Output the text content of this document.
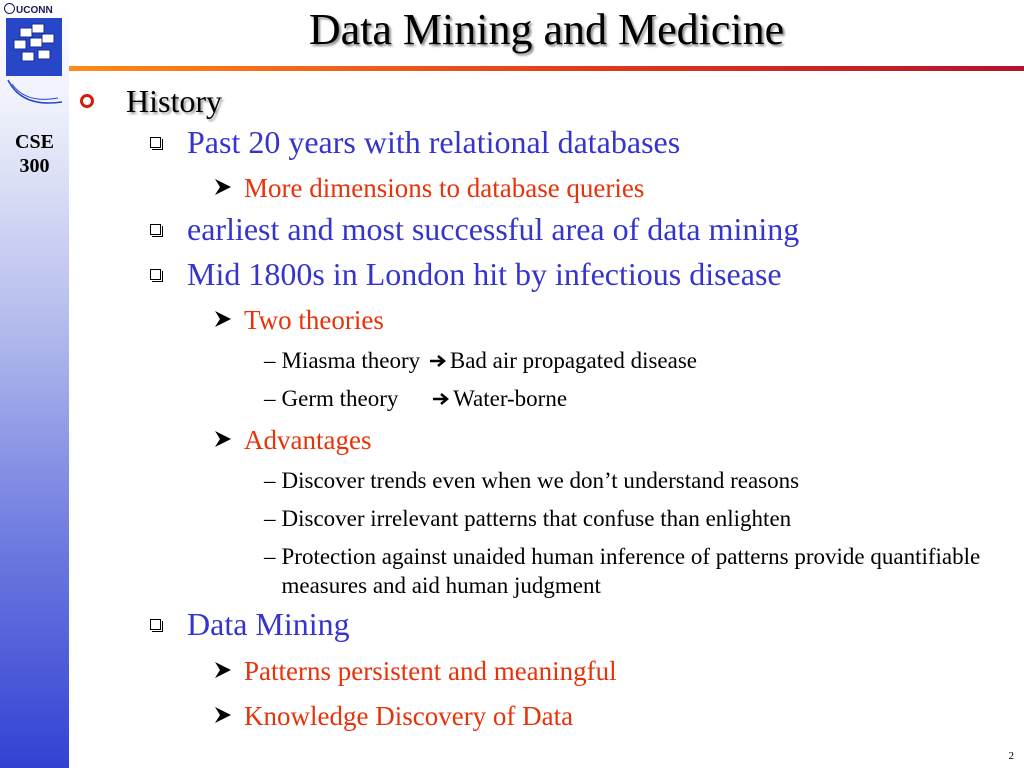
UCONN
CSE
300
Data Mining and Medicine
History
Past 20 years with relational databases
More dimensions to database queries
earliest and most successful area of data mining
Mid 1800s in London hit by infectious disease
Two theories
– Miasma theory Bad air propagated disease
– Germ theory Water-borne
Advantages
– Discover trends even when we don’t understand reasons
– Discover irrelevant patterns that confuse than enlighten
– Protection against unaided human inference of patterns provide quantifiable measures and aid human judgment
Data Mining
Patterns persistent and meaningful
Knowledge Discovery of Data
2
